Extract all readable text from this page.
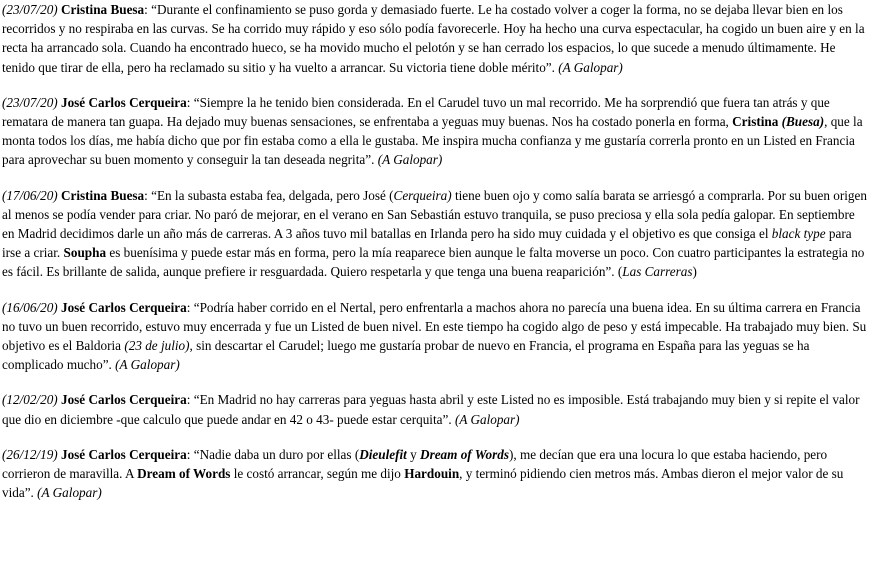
(23/07/20) Cristina Buesa: “Durante el confinamiento se puso gorda y demasiado fuerte. Le ha costado volver a coger la forma, no se dejaba llevar bien en los recorridos y no respiraba en las curvas. Se ha corrido muy rápido y eso sólo podía favorecerle. Hoy ha hecho una curva espectacular, ha cogido un buen aire y en la recta ha arrancado sola. Cuando ha encontrado hueco, se ha movido mucho el pelotón y se han cerrado los espacios, lo que sucede a menudo últimamente. He tenido que tirar de ella, pero ha reclamado su sitio y ha vuelto a arrancar. Su victoria tiene doble mérito”. (A Galopar)

(23/07/20) José Carlos Cerqueira: “Siempre la he tenido bien considerada. En el Carudel tuvo un mal recorrido. Me ha sorprendió que fuera tan atrás y que rematara de manera tan guapa. Ha dejado muy buenas sensaciones, se enfrentaba a yeguas muy buenas. Nos ha costado ponerla en forma, Cristina (Buesa), que la monta todos los días, me había dicho que por fin estaba como a ella le gustaba. Me inspira mucha confianza y me gustaría correrla pronto en un Listed en Francia para aprovechar su buen momento y conseguir la tan deseada negrita”. (A Galopar)

(17/06/20) Cristina Buesa: “En la subasta estaba fea, delgada, pero José (Cerqueira) tiene buen ojo y como salía barata se arriesgó a comprarla. Por su buen origen al menos se podía vender para criar. No paró de mejorar, en el verano en San Sebastián estuvo tranquila, se puso preciosa y ella sola pedía galopar. En septiembre en Madrid decidimos darle un año más de carreras. A 3 años tuvo mil batallas en Irlanda pero ha sido muy cuidada y el objetivo es que consiga el black type para irse a criar. Soupha es buenísima y puede estar más en forma, pero la mía reaparece bien aunque le falta moverse un poco. Con cuatro participantes la estrategia no es fácil. Es brillante de salida, aunque prefiere ir resguardada. Quiero respetarla y que tenga una buena reaparición”. (Las Carreras)

(16/06/20) José Carlos Cerqueira: “Podría haber corrido en el Nertal, pero enfrentarla a machos ahora no parecía una buena idea. En su última carrera en Francia no tuvo un buen recorrido, estuvo muy encerrada y fue un Listed de buen nivel. En este tiempo ha cogido algo de peso y está impecable. Ha trabajado muy bien. Su objetivo es el Baldoria (23 de julio), sin descartar el Carudel; luego me gustaría probar de nuevo en Francia, el programa en España para las yeguas se ha complicado mucho”. (A Galopar)

(12/02/20) José Carlos Cerqueira: “En Madrid no hay carreras para yeguas hasta abril y este Listed no es imposible. Está trabajando muy bien y si repite el valor que dio en diciembre -que calculo que puede andar en 42 o 43- puede estar cerquita”. (A Galopar)

(26/12/19) José Carlos Cerqueira: “Nadie daba un duro por ellas (Dieulefit y Dream of Words), me decían que era una locura lo que estaba haciendo, pero corrieron de maravilla. A Dream of Words le costó arrancar, según me dijo Hardouin, y terminó pidiendo cien metros más. Ambas dieron el mejor valor de su vida”. (A Galopar)
